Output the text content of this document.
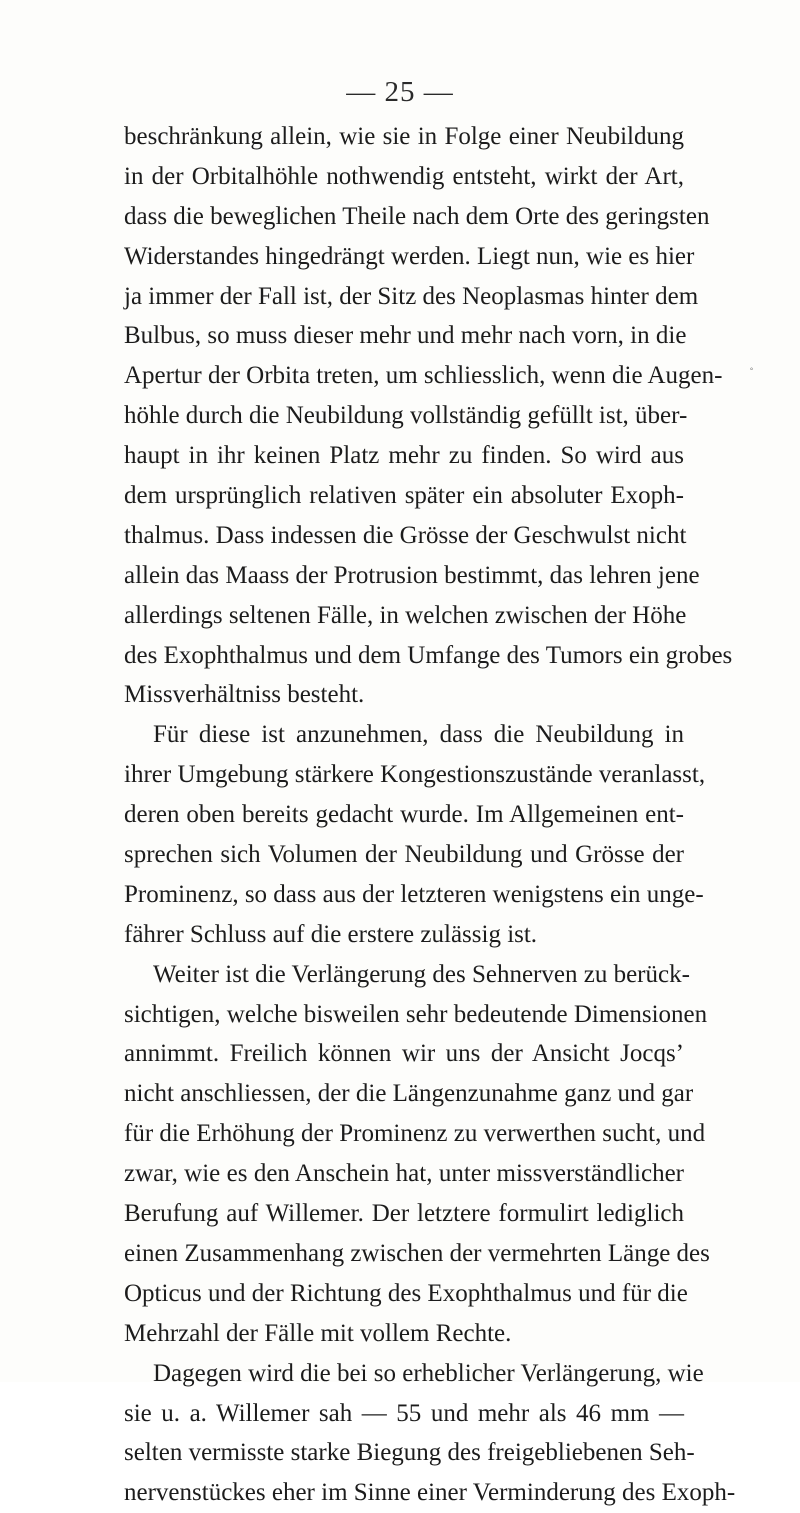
— 25 —
beschränkung allein, wie sie in Folge einer Neubildung
in der Orbitalhöhle nothwendig entsteht, wirkt der Art,
dass die beweglichen Theile nach dem Orte des geringsten
Widerstandes hingedrängt werden. Liegt nun, wie es hier
ja immer der Fall ist, der Sitz des Neoplasmas hinter dem
Bulbus, so muss dieser mehr und mehr nach vorn, in die
Apertur der Orbita treten, um schliesslich, wenn die Augen-
höhle durch die Neubildung vollständig gefüllt ist, über-
haupt in ihr keinen Platz mehr zu finden. So wird aus
dem ursprünglich relativen später ein absoluter Exoph-
thalmus. Dass indessen die Grösse der Geschwulst nicht
allein das Maass der Protrusion bestimmt, das lehren jene
allerdings seltenen Fälle, in welchen zwischen der Höhe
des Exophthalmus und dem Umfange des Tumors ein grobes
Missverhältniss besteht.
Für diese ist anzunehmen, dass die Neubildung in
ihrer Umgebung stärkere Kongestionszustände veranlasst,
deren oben bereits gedacht wurde. Im Allgemeinen ent-
sprechen sich Volumen der Neubildung und Grösse der
Prominenz, so dass aus der letzteren wenigstens ein unge-
fährer Schluss auf die erstere zulässig ist.
Weiter ist die Verlängerung des Sehnerven zu berück-
sichtigen, welche bisweilen sehr bedeutende Dimensionen
annimmt. Freilich können wir uns der Ansicht Jocqs’
nicht anschliessen, der die Längenzunahme ganz und gar
für die Erhöhung der Prominenz zu verwerthen sucht, und
zwar, wie es den Anschein hat, unter missverständlicher
Berufung auf Willemer. Der letztere formulirt lediglich
einen Zusammenhang zwischen der vermehrten Länge des
Opticus und der Richtung des Exophthalmus und für die
Mehrzahl der Fälle mit vollem Rechte.
Dagegen wird die bei so erheblicher Verlängerung, wie
sie u. a. Willemer sah — 55 und mehr als 46 mm —
selten vermisste starke Biegung des freigebliebenen Seh-
nervenstückes eher im Sinne einer Verminderung des Exoph-
◦
